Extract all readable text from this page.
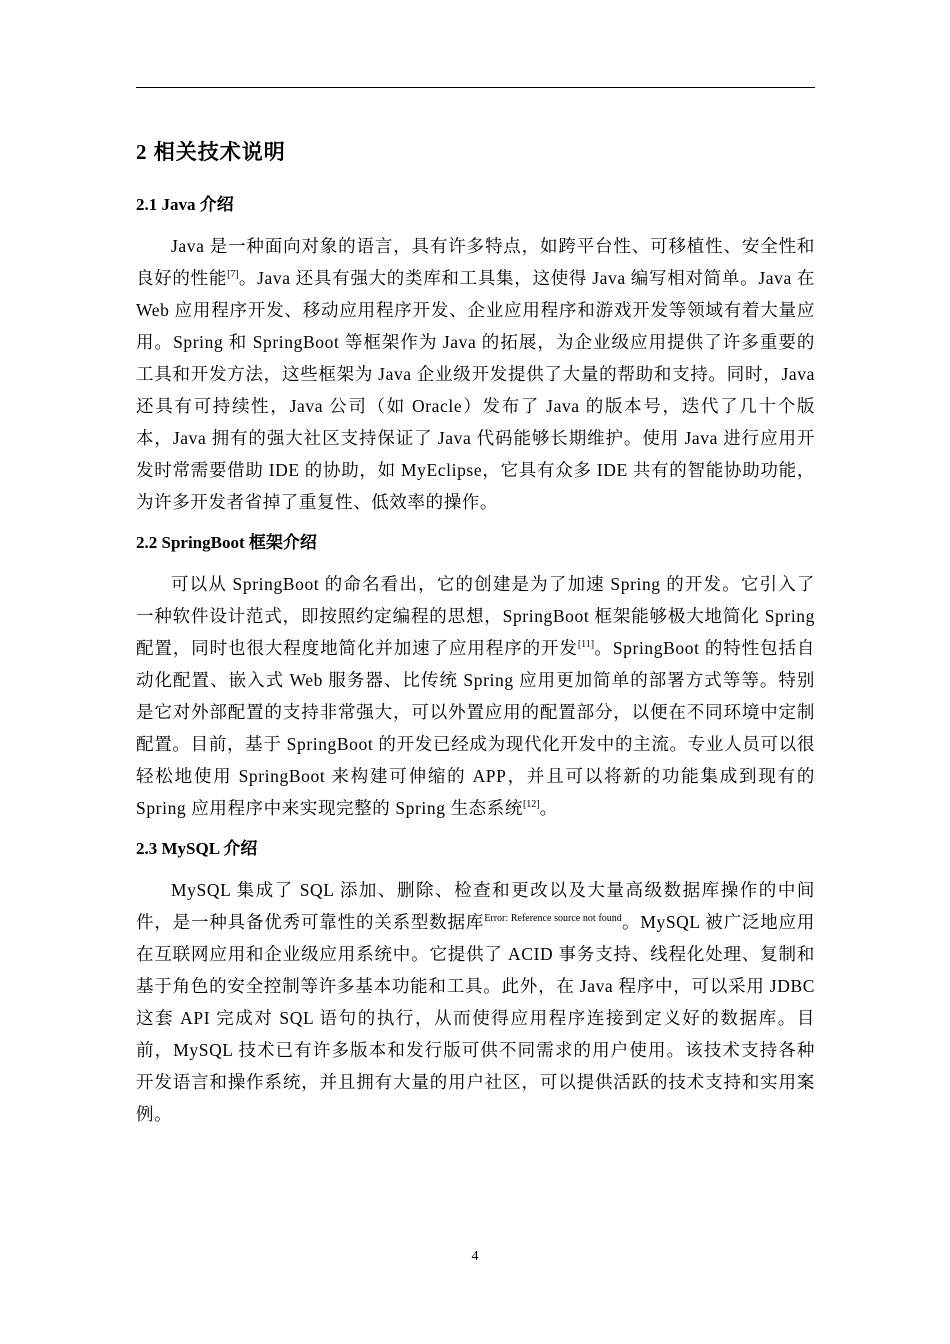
2 相关技术说明
2.1 Java 介绍

Java 是一种面向对象的语言，具有许多特点，如跨平台性、可移植性、安全性和良好的性能[7]。Java 还具有强大的类库和工具集，这使得 Java 编写相对简单。Java 在 Web 应用程序开发、移动应用程序开发、企业应用程序和游戏开发等领域有着大量应用。Spring 和 SpringBoot 等框架作为 Java 的拓展，为企业级应用提供了许多重要的工具和开发方法，这些框架为 Java 企业级开发提供了大量的帮助和支持。同时，Java 还具有可持续性，Java 公司（如 Oracle）发布了 Java 的版本号，迭代了几十个版本，Java 拥有的强大社区支持保证了 Java 代码能够长期维护。使用 Java 进行应用开发时常需要借助 IDE 的协助，如 MyEclipse，它具有众多 IDE 共有的智能协助功能，为许多开发者省掉了重复性、低效率的操作。

2.2 SpringBoot 框架介绍

可以从 SpringBoot 的命名看出，它的创建是为了加速 Spring 的开发。它引入了一种软件设计范式，即按照约定编程的思想，SpringBoot 框架能够极大地简化 Spring 配置，同时也很大程度地简化并加速了应用程序的开发[11]。SpringBoot 的特性包括自动化配置、嵌入式 Web 服务器、比传统 Spring 应用更加简单的部署方式等等。特别是它对外部配置的支持非常强大，可以外置应用的配置部分，以便在不同环境中定制配置。目前，基于 SpringBoot 的开发已经成为现代化开发中的主流。专业人员可以很轻松地使用 SpringBoot 来构建可伸缩的 APP，并且可以将新的功能集成到现有的 Spring 应用程序中来实现完整的 Spring 生态系统[12]。

2.3 MySQL 介绍

MySQL 集成了 SQL 添加、删除、检查和更改以及大量高级数据库操作的中间件，是一种具备优秀可靠性的关系型数据库$^{Error: Reference source not found}$。MySQL 被广泛地应用在互联网应用和企业级应用系统中。它提供了 ACID 事务支持、线程化处理、复制和基于角色的安全控制等许多基本功能和工具。此外，在 Java 程序中，可以采用 JDBC 这套 API 完成对 SQL 语句的执行，从而使得应用程序连接到定义好的数据库。目前，MySQL 技术已有许多版本和发行版可供不同需求的用户使用。该技术支持各种开发语言和操作系统，并且拥有大量的用户社区，可以提供活跃的技术支持和实用案例。

4
